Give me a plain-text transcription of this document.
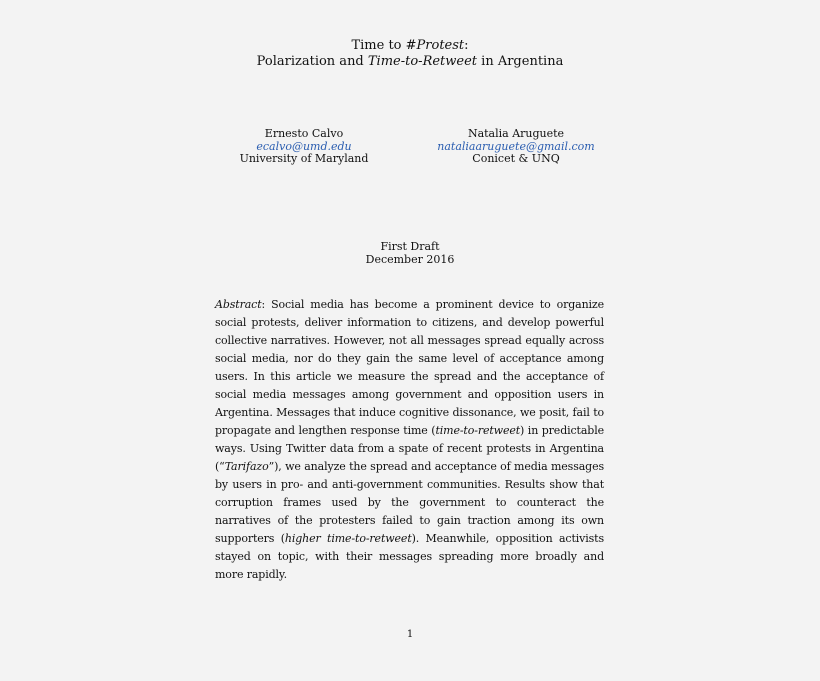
Time to #Protest:
Polarization and Time-to-Retweet in Argentina
Ernesto Calvo
ecalvo@umd.edu
University of Maryland
Natalia Aruguete
nataliaaruguete@gmail.com
Conicet & UNQ
First Draft
December 2016
Abstract: Social media has become a prominent device to organize social protests, deliver information to citizens, and develop powerful collective narratives. However, not all messages spread equally across social media, nor do they gain the same level of acceptance among users. In this article we measure the spread and the acceptance of social media messages among government and opposition users in Argentina. Messages that induce cognitive dissonance, we posit, fail to propagate and lengthen response time (time-to-retweet) in predictable ways. Using Twitter data from a spate of recent protests in Argentina (“Tarifazo”), we analyze the spread and acceptance of media messages by users in pro- and anti-government communities. Results show that corruption frames used by the government to counteract the narratives of the protesters failed to gain traction among its own supporters (higher time-to-retweet). Meanwhile, opposition activists stayed on topic, with their messages spreading more broadly and more rapidly.
1
